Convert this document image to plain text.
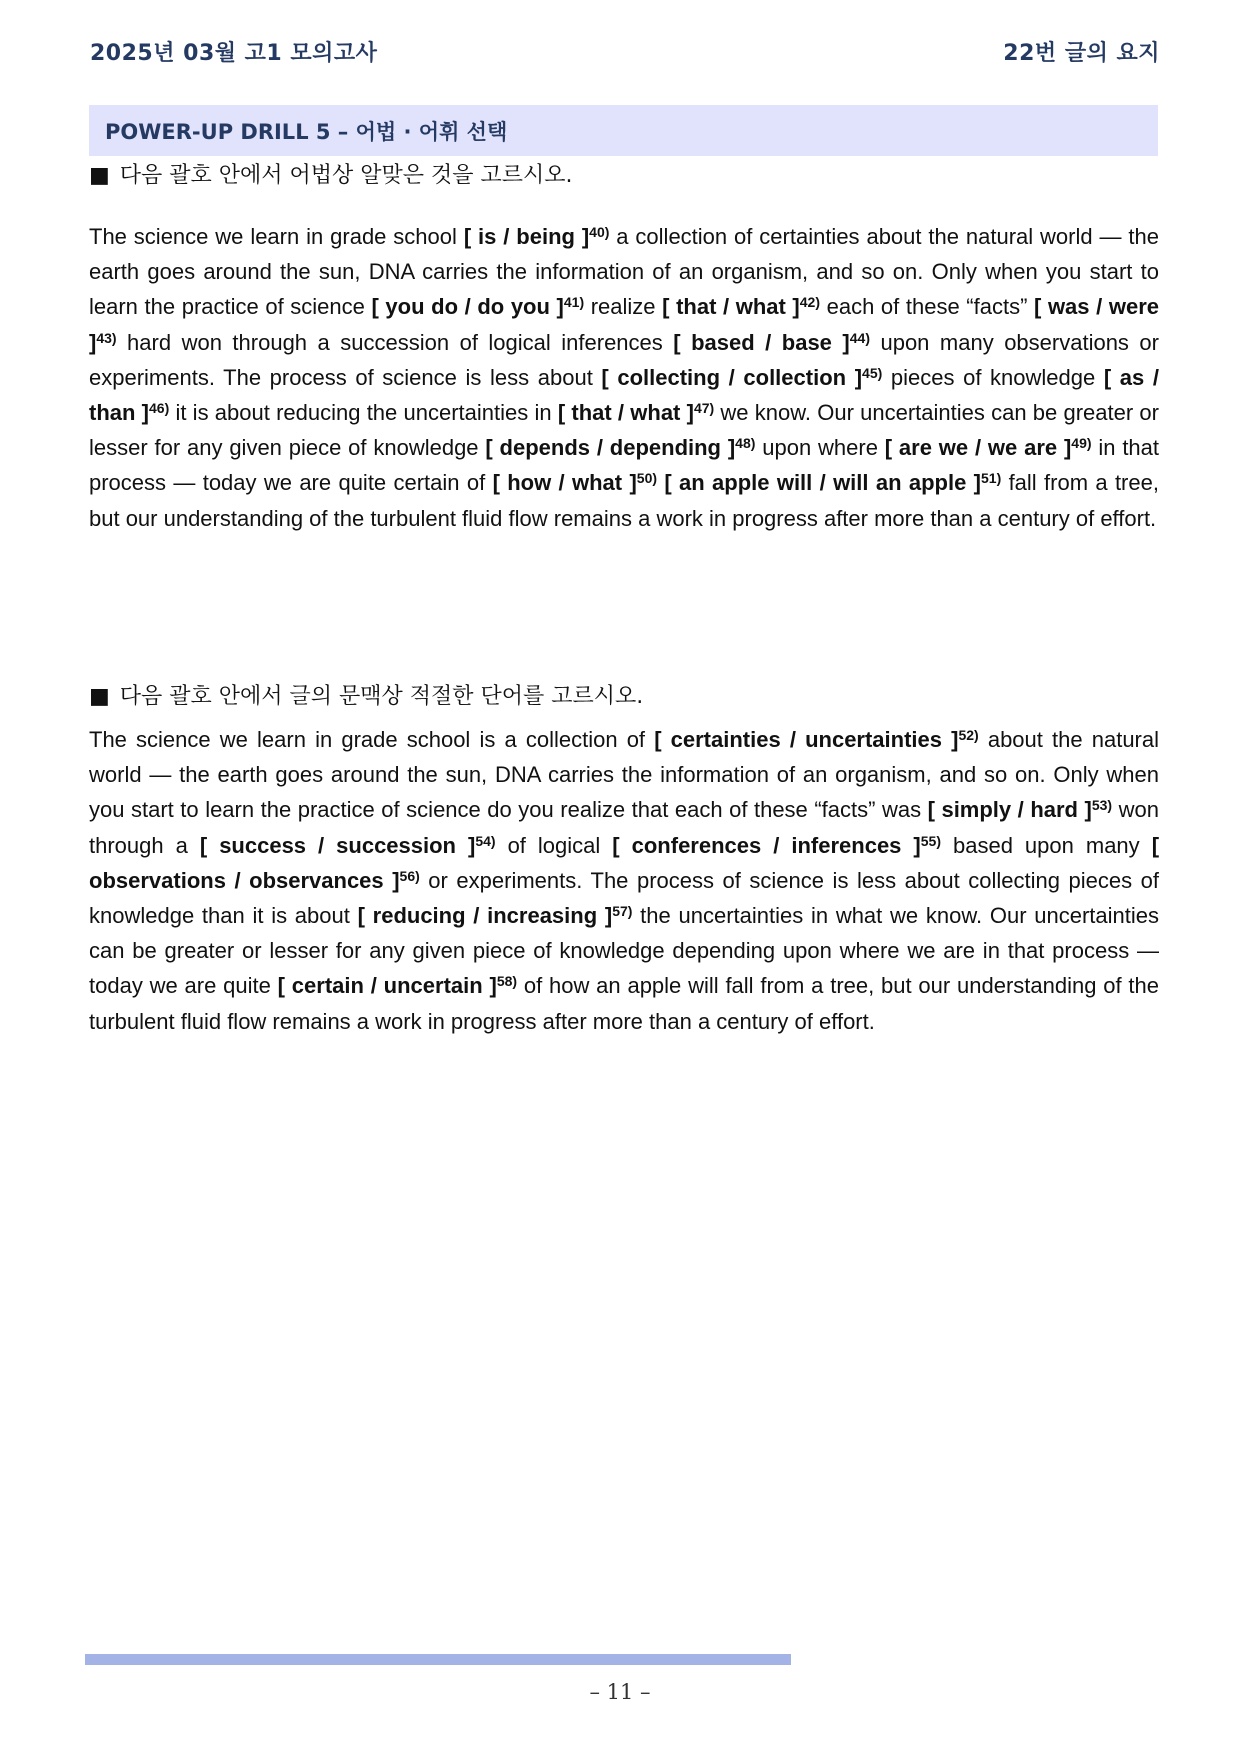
2025년 03월 고1 모의고사	22번 글의 요지
POWER-UP DRILL 5 – 어법 · 어휘 선택
■ 다음 괄호 안에서 어법상 알맞은 것을 고르시오.
The science we learn in grade school [ is / being ]$^{40)}$ a collection of certainties about the natural world — the earth goes around the sun, DNA carries the information of an organism, and so on. Only when you start to learn the practice of science [ you do / do you ]$^{41)}$ realize [ that / what ]$^{42)}$ each of these “facts” [ was / were ]$^{43)}$ hard won through a succession of logical inferences [ based / base ]$^{44)}$ upon many observations or experiments. The process of science is less about [ collecting / collection ]$^{45)}$ pieces of knowledge [ as / than ]$^{46)}$ it is about reducing the uncertainties in [ that / what ]$^{47)}$ we know. Our uncertainties can be greater or lesser for any given piece of knowledge [ depends / depending ]$^{48)}$ upon where [ are we / we are ]$^{49)}$ in that process — today we are quite certain of [ how / what ]$^{50)}$ [ an apple will / will an apple ]$^{51)}$ fall from a tree, but our understanding of the turbulent fluid flow remains a work in progress after more than a century of effort.
■ 다음 괄호 안에서 글의 문맥상 적절한 단어를 고르시오.
The science we learn in grade school is a collection of [ certainties / uncertainties ]$^{52)}$ about the natural world — the earth goes around the sun, DNA carries the information of an organism, and so on. Only when you start to learn the practice of science do you realize that each of these “facts” was [ simply / hard ]$^{53)}$ won through a [ success / succession ]$^{54)}$ of logical [ conferences / inferences ]$^{55)}$ based upon many [ observations / observances ]$^{56)}$ or experiments. The process of science is less about collecting pieces of knowledge than it is about [ reducing / increasing ]$^{57)}$ the uncertainties in what we know. Our uncertainties can be greater or lesser for any given piece of knowledge depending upon where we are in that process — today we are quite [ certain / uncertain ]$^{58)}$ of how an apple will fall from a tree, but our understanding of the turbulent fluid flow remains a work in progress after more than a century of effort.
– 11 –
